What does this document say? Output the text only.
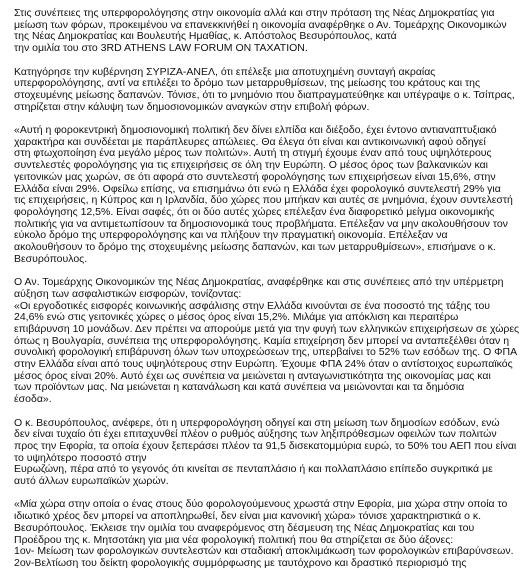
Στις συνέπειες της υπερφορολόγησης στην οικονομία αλλά και στην πρόταση της Νέας Δημοκρατίας για
μείωση των φόρων, προκειμένου να επανεκκινήθεί η οικονομία αναφέρθηκε ο Αν. Τομεάρχης Οικονομικών
της Νέας Δημοκρατίας και Βουλευτής Ημαθίας, κ. Απόστολος Βεσυρόπουλος, κατά
την ομιλία του στο 3RD ATHENS LAW FORUM ON TAXATION.

Κατηγόρησε την κυβέρνηση ΣΥΡΙΖΑ-ΑΝΕΛ, ότι επέλεξε μια αποτυχημένη συνταγή ακραίας
υπερφορολόγησης, αντί να επιλέξει το δρόμο των μεταρρυθμίσεων, της μείωσης του κράτους και της
στοχευμένης μείωσης δαπανών. Τόνισε, ότι το μνημόνιο που διαπραγματεύθηκε και υπέγραψε ο κ. Τσίπρας,
στηρίζεται στην κάλυψη των δημοσιονομικών αναγκών στην επιβολή φόρων.

«Αυτή η φοροκεντρική δημοσιονομική πολιτική δεν δίνει ελπίδα και διέξοδο, έχει έντονο αντιαναπτυξιακό
χαρακτήρα και συνδέεται με παράπλευρες απώλειες. Θα έλεγα ότι είναι και αντικοινωνική αφού οδηγεί
στη φτωχοποίηση ένα μεγάλο μέρος των πολιτών». Αυτή τη στιγμή έχουμε έναν από τους υψηλότερους
συντελεστές φορολόγησης για τις επιχειρήσεις σε όλη την Ευρώπη. Ο μέσος όρος των βαλκανικών και
γειτονικών μας χωρών, σε ότι αφορά στο συντελεστή φορολόγησης των επιχειρήσεων είναι 15,6%, στην
Ελλάδα είναι 29%. Οφείλω επίσης, να επισημάνω ότι ενώ η Ελλάδα έχει φορολογικό συντελεστή 29% για
τις επιχειρήσεις, η Κύπρος και η Ιρλανδία, δύο χώρες που μπήκαν και αυτές σε μνημόνια, έχουν συντελεστή
φορολόγησης 12,5%. Είναι σαφές, ότι οι δύο αυτές χώρες επέλεξαν ένα διαφορετικό μείγμα οικονομικής
πολιτικής για να αντιμετωπίσουν τα δημοσιονομικά τους προβλήματα. Επέλεξαν να μην ακολουθήσουν τον
εύκολο δρόμο της υπερφορολόγησης και να πλήξουν την πραγματική οικονομία. Επέλεξαν να
ακολουθήσουν το δρόμο της στοχευμένης μείωσης δαπανών, και των μεταρρυθμίσεων», επισήμανε ο κ.
Βεσυρόπουλος.

Ο Αν. Τομεάρχης Οικονομικών της Νέας Δημοκρατίας, αναφέρθηκε και στις συνέπειες από την υπέρμετρη
αύξηση των ασφαλιστικών εισφορών, τονίζοντας:
«Οι εργοδοτικές εισφορές κοινωνικής ασφάλισης στην Ελλάδα κινούνται σε ένα ποσοστό της τάξης του
24,6% ενώ στις γειτονικές χώρες ο μέσος όρος είναι 15,2%. Μιλάμε για απόκλιση και περαιτέρω
επιβάρυνση 10 μονάδων. Δεν πρέπει να απορούμε μετά για την φυγή των ελληνικών επιχειρήσεων σε χώρες
όπως η Βουλγαρία, συνέπεια της υπερφορολόγησης. Καμία επιχείρηση δεν μπορεί να ανταπεξέλθει όταν η
συνολική φορολογική επιβάρυνση όλων των υποχρεώσεων της, υπερβαίνει το 52% των εσόδων της. Ο ΦΠΑ
στην Ελλάδα είναι από τους υψηλότερους στην Ευρώπη. Έχουμε ΦΠΑ 24% όταν ο αντίστοιχος ευρωπαϊκός
μέσος όρος είναι 20%. Αυτό έχει ως συνέπεια να μειώνεται η ανταγωνιστικότητα της οικονομίας μας και
των προϊόντων μας. Να μειώνεται η κατανάλωση και κατά συνέπεια να μειώνονται και τα δημόσια
έσοδα».

Ο κ. Βεσυρόπουλος, ανέφερε, ότι η υπερφορολόγηση οδηγεί και στη μείωση των δημοσίων εσόδων, ενώ
δεν είναι τυχαίο ότι έχει επιταχυνθεί πλέον ο ρυθμός αύξησης των ληξιπρόθεσμων οφειλών των πολιτών
προς την Εφορία, τα οποία έχουν ξεπεράσει πλέον τα 91,5 δισεκατομμύρια ευρώ, το 50% του ΑΕΠ που είναι
το υψηλότερο ποσοστό στην
Ευρωζώνη, πέρα από το γεγονός ότι κινείται σε πενταπλάσιο ή και πολλαπλάσιο επίπεδο συγκριτικά με
αυτό άλλων ευρωπαϊκών χωρών.

«Μία χώρα στην οποία ο ένας στους δύο φορολογούμενους χρωστά στην Εφορία, μια χώρα στην οποία το
ιδιωτικό χρέος δεν μπορεί να αποπληρωθεί, δεν είναι μια κανονική χώρα» τόνισε χαρακτηριστικά ο κ.
Βεσυρόπουλος. Έκλεισε την ομιλία του αναφερόμενος στη δέσμευση της Νέας Δημοκρατίας και του
Προέδρου της κ. Μητσοτάκη για μια νέα φορολογική πολιτική που θα στηρίζεται σε δύο άξονες:
1ον- Μείωση των φορολογικών συντελεστών και σταδιακή αποκλιμάκωση των φορολογικών επιβαρύνσεων.
2ον-Βελτίωση του δείκτη φορολογικής συμμόρφωσης με ταυτόχρονο και δραστικό περιορισμό της
